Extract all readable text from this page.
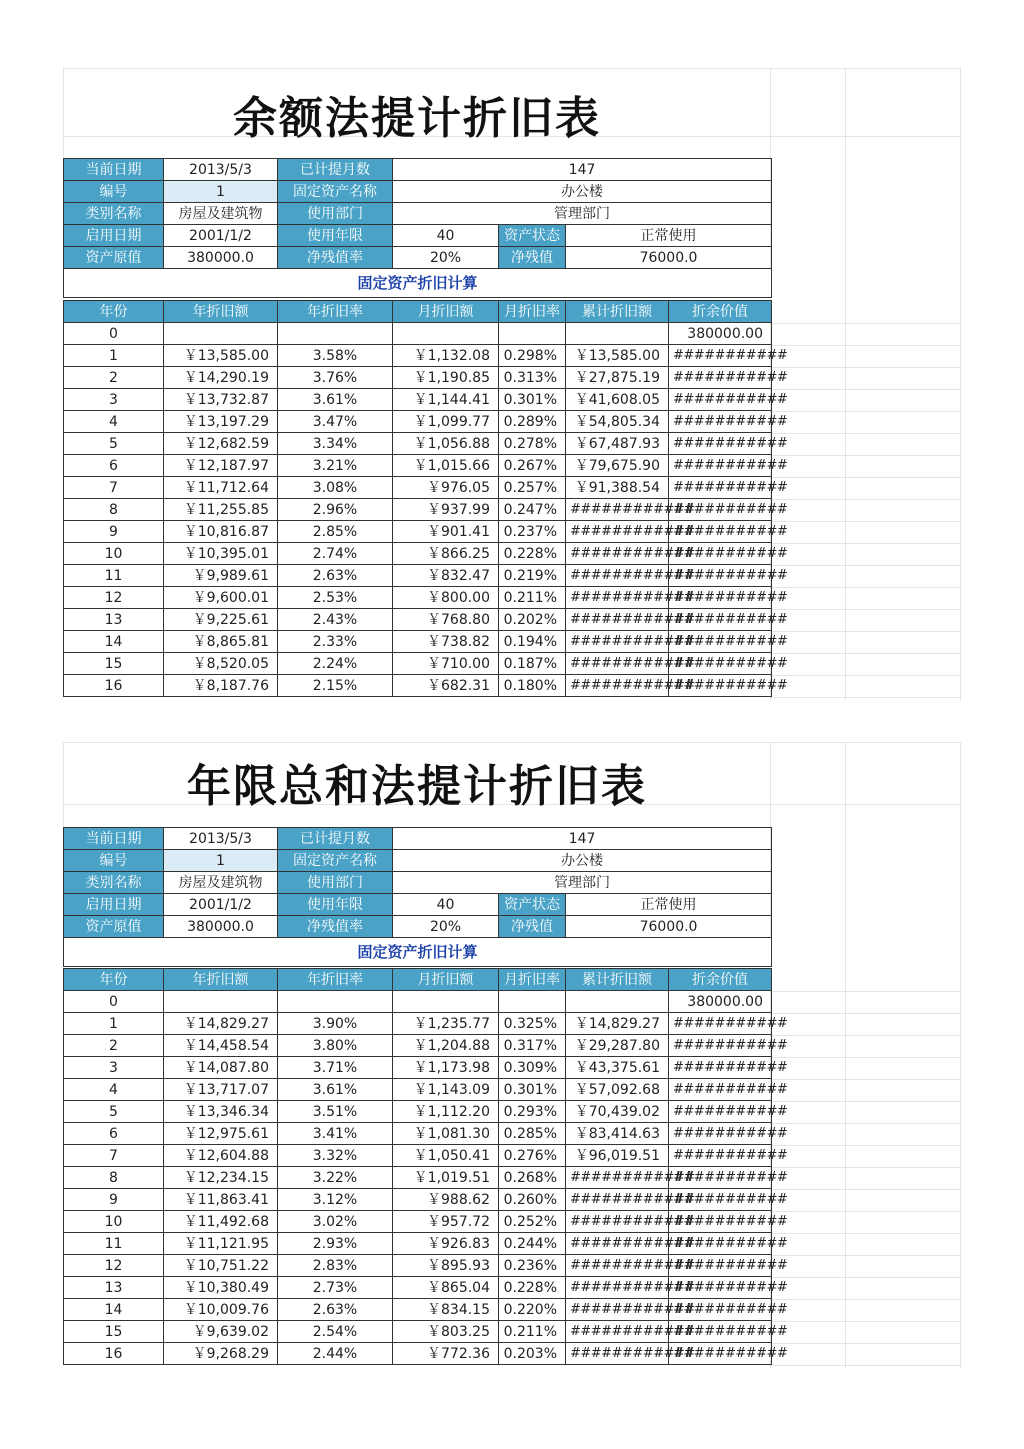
余额法提计折旧表
当前日期	2013/5/3	已计提月数	147		
编号	1	固定资产名称	办公楼		
类别名称	房屋及建筑物	使用部门	管理部门		
启用日期	2001/1/2	使用年限	40	资产状态	正常使用
资产原值	380000.0	净残值率	20%	净残值	76000.0
固定资产折旧计算					
年份	年折旧额	年折旧率	月折旧额	月折旧率	累计折旧额	折余价值
0						380000.00
1	￥13,585.00	3.58%	￥1,132.08	0.298%	￥13,585.00	###########
2	￥14,290.19	3.76%	￥1,190.85	0.313%	￥27,875.19	###########
3	￥13,732.87	3.61%	￥1,144.41	0.301%	￥41,608.05	###########
4	￥13,197.29	3.47%	￥1,099.77	0.289%	￥54,805.34	###########
5	￥12,682.59	3.34%	￥1,056.88	0.278%	￥67,487.93	###########
6	￥12,187.97	3.21%	￥1,015.66	0.267%	￥79,675.90	###########
7	￥11,712.64	3.08%	￥976.05	0.257%	￥91,388.54	###########
8	￥11,255.85	2.96%	￥937.99	0.247%	############	###########
9	￥10,816.87	2.85%	￥901.41	0.237%	############	###########
10	￥10,395.01	2.74%	￥866.25	0.228%	############	###########
11	￥9,989.61	2.63%	￥832.47	0.219%	############	###########
12	￥9,600.01	2.53%	￥800.00	0.211%	############	###########
13	￥9,225.61	2.43%	￥768.80	0.202%	############	###########
14	￥8,865.81	2.33%	￥738.82	0.194%	############	###########
15	￥8,520.05	2.24%	￥710.00	0.187%	############	###########
16	￥8,187.76	2.15%	￥682.31	0.180%	############	###########
年限总和法提计折旧表
当前日期	2013/5/3	已计提月数	147		
编号	1	固定资产名称	办公楼		
类别名称	房屋及建筑物	使用部门	管理部门		
启用日期	2001/1/2	使用年限	40	资产状态	正常使用
资产原值	380000.0	净残值率	20%	净残值	76000.0
固定资产折旧计算					
年份	年折旧额	年折旧率	月折旧额	月折旧率	累计折旧额	折余价值
0						380000.00
1	￥14,829.27	3.90%	￥1,235.77	0.325%	￥14,829.27	###########
2	￥14,458.54	3.80%	￥1,204.88	0.317%	￥29,287.80	###########
3	￥14,087.80	3.71%	￥1,173.98	0.309%	￥43,375.61	###########
4	￥13,717.07	3.61%	￥1,143.09	0.301%	￥57,092.68	###########
5	￥13,346.34	3.51%	￥1,112.20	0.293%	￥70,439.02	###########
6	￥12,975.61	3.41%	￥1,081.30	0.285%	￥83,414.63	###########
7	￥12,604.88	3.32%	￥1,050.41	0.276%	￥96,019.51	###########
8	￥12,234.15	3.22%	￥1,019.51	0.268%	############	###########
9	￥11,863.41	3.12%	￥988.62	0.260%	############	###########
10	￥11,492.68	3.02%	￥957.72	0.252%	############	###########
11	￥11,121.95	2.93%	￥926.83	0.244%	############	###########
12	￥10,751.22	2.83%	￥895.93	0.236%	############	###########
13	￥10,380.49	2.73%	￥865.04	0.228%	############	###########
14	￥10,009.76	2.63%	￥834.15	0.220%	############	###########
15	￥9,639.02	2.54%	￥803.25	0.211%	############	###########
16	￥9,268.29	2.44%	￥772.36	0.203%	############	###########
